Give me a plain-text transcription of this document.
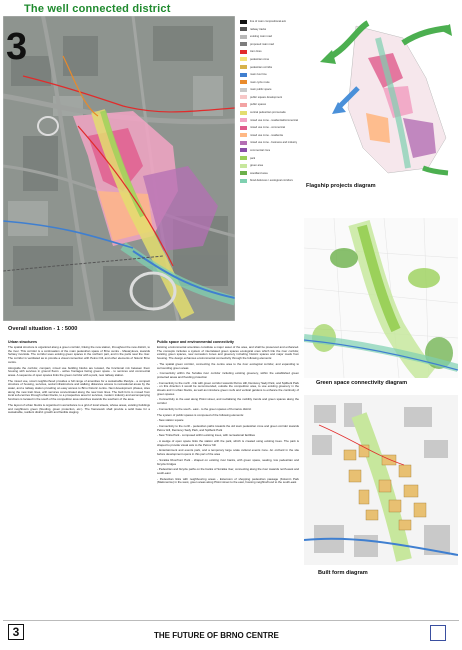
The well connected district
3
line of main compositional axis
railway tracks
existing main road
proposed main road
tram lines
pedestrian zone
pedestrian corridor
main river line
main cycle route
main public space
public square development
public spaces
central pedestrian promenade
mixed use zone - residential/commercial
mixed use zone - commercial
mixed use zone - residential
mixed use zone - business and industry
commercial zone
park
green area
woodland area
flood defences / ecological corridors
Flagship projects diagram
Green space connectivity diagram
Built form diagram
Overall situation - 1 : 5000
Urban structures
The spatial structure is organized along a green corridor, linking the new station, throughout the new district, to the river. This corridor is a continuation of the main pedestrian space of Brno centre - Masarykova, towards Svitavy riverside. The corridor uses existing green spaces in the northern part, and in the parts near the river. The corridor is ventilated as to provide a visual connection with Petrov hill, and other elements of historic Brno centre.
Alongside the corridor, compact, mixed use building blocks are located, the functional mix between them housing with services in ground floors - active frontages facing green space - to services and commercial areas. A sequence of open spaces links the green corridor with a park, new railway station.
The mixed use, smart neighborhood provides a full range of amenities for a sustainable lifestyle - a compact structure of housing, services, social infrastructure and walking distances access to recreational areas by the water, and a railway station providing an easy access to Brno historic centre. Next development phases, sites along the new train lines, with services concentrated along the new tram lines. The built form is moved from local sub-centres through urban blocks, to a prospective area for services, modern industry and accompanying functions is located in the south of the competition area stretches towards the southern of the area.
The layout of urban blocks is organized in accordance to a grid of local streets, whose areas, existing buildings and neighbours green (flooding, green protection, etc.). The framework shall provide a solid base for a sustainable, resilient district growth and flexible staging.
Public space and environmental connectivity
Existing environmental amenities constitute a major asset of the area, and shall be preserved and enhanced. The concepts includes a system of interrelated green spaces ecological ones which link the river corridor, existing green spaces, new recreation zones and greenery including historic spaces and major roads from housing. The design enhances environmental connectivity through the following elements:
- The spatial green corridor, connecting the centre area to the river ecological corridor, and expanding to surrounding green areas
- Connectivity within the Svratka river corridor including existing greenery, within the established green protected areas and flooding protection
- Connectivity to the north - link with green corridor towards Petrov Hill, Denisovy Sady Park, and Spilberk Park - on this direction it would be recommended, outside the competition area, to use existing greenery in the streets and in urban blocks, as well as introduce green roofs and vertical gardens to enhance the continuity of green spaces
- Connectivity to the east along Plotni street, and revitalising the mobility trends and green spaces along the corridor
- Connectivity to the south - east - to the green spaces of Komarov district
The system of public spaces is composed of the following elements:
- New station square
- Connectivity to the north - pedestrian paths towards the old town pedestrian zone and green corridor towards Petrov Hill, Denisovy Sady Park, and Spilberk Park
- New Trnita Park - composed within existing trees, with recreational facilities
- A wedge of open space links the station with the park, which is created using existing trees. The park is shaped to provide visual axis to the Petrov hill
- Entertainment and events park, and a temporary large scale cultural events zone. An orchard in the site before development opens in this part of the area
- Svratka Riverfront Park - shaped on existing river banks, with green space, seating, low pedestrian and bicycle bridges
- Pedestrian and bicycle paths on the banks of Svratka river, connecting along the river towards north-west and south-east
- Pedestrian links with neighbouring areas - Extension of shopping pedestrian passage (Kolomin Park (Malomerice) in the west, green areas along Plotni street to the east, housing neighborhood to the south-east
3	THE FUTURE OF BRNO CENTRE
